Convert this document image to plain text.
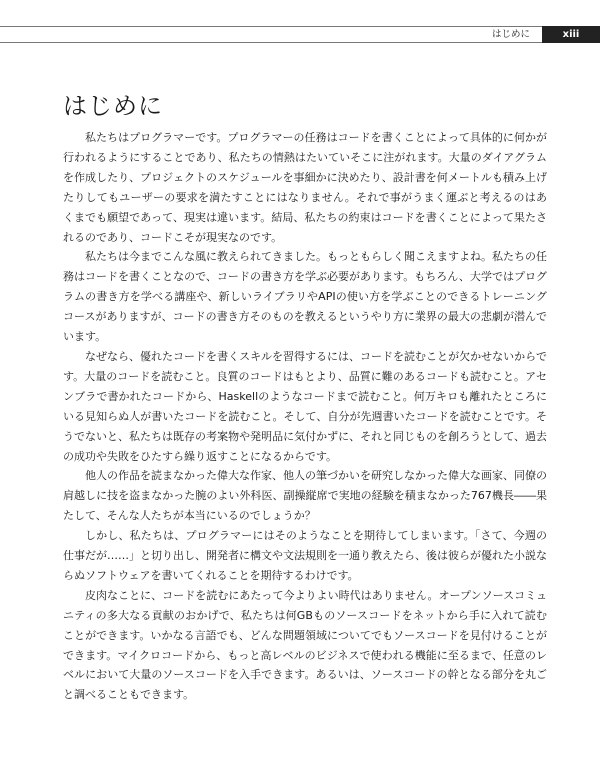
はじめに	xiii
はじめに

私たちはプログラマーです。プログラマーの任務はコードを書くことによって具体的に何かが行われるようにすることであり、私たちの情熱はたいていそこに注がれます。大量のダイアグラムを作成したり、プロジェクトのスケジュールを事細かに決めたり、設計書を何メートルも積み上げたりしてもユーザーの要求を満たすことにはなりません。それで事がうまく運ぶと考えるのはあくまでも願望であって、現実は違います。結局、私たちの約束はコードを書くことによって果たされるのであり、コードこそが現実なのです。

私たちは今までこんな風に教えられてきました。もっともらしく聞こえますよね。私たちの任務はコードを書くことなので、コードの書き方を学ぶ必要があります。もちろん、大学ではプログラムの書き方を学べる講座や、新しいライブラリやAPIの使い方を学ぶことのできるトレーニングコースがありますが、コードの書き方そのものを教えるというやり方に業界の最大の悲劇が潜んでいます。

なぜなら、優れたコードを書くスキルを習得するには、コードを読むことが欠かせないからです。大量のコードを読むこと。良質のコードはもとより、品質に難のあるコードも読むこと。アセンブラで書かれたコードから、Haskellのようなコードまで読むこと。何万キロも離れたところにいる見知らぬ人が書いたコードを読むこと。そして、自分が先週書いたコードを読むことです。そうでないと、私たちは既存の考案物や発明品に気付かずに、それと同じものを創ろうとして、過去の成功や失敗をひたすら繰り返すことになるからです。

他人の作品を読まなかった偉大な作家、他人の筆づかいを研究しなかった偉大な画家、同僚の肩越しに技を盗まなかった腕のよい外科医、副操縦席で実地の経験を積まなかった767機長――果たして、そんな人たちが本当にいるのでしょうか？

しかし、私たちは、プログラマーにはそのようなことを期待してしまいます。「さて、今週の仕事だが……」と切り出し、開発者に構文や文法規則を一通り教えたら、後は彼らが優れた小説ならぬソフトウェアを書いてくれることを期待するわけです。

皮肉なことに、コードを読むにあたって今よりよい時代はありません。オープンソースコミュニティの多大なる貢献のおかげで、私たちは何GBものソースコードをネットから手に入れて読むことができます。いかなる言語でも、どんな問題領域についてでもソースコードを見付けることができます。マイクロコードから、もっと高レベルのビジネスで使われる機能に至るまで、任意のレベルにおいて大量のソースコードを入手できます。あるいは、ソースコードの幹となる部分を丸ごと調べることもできます。
